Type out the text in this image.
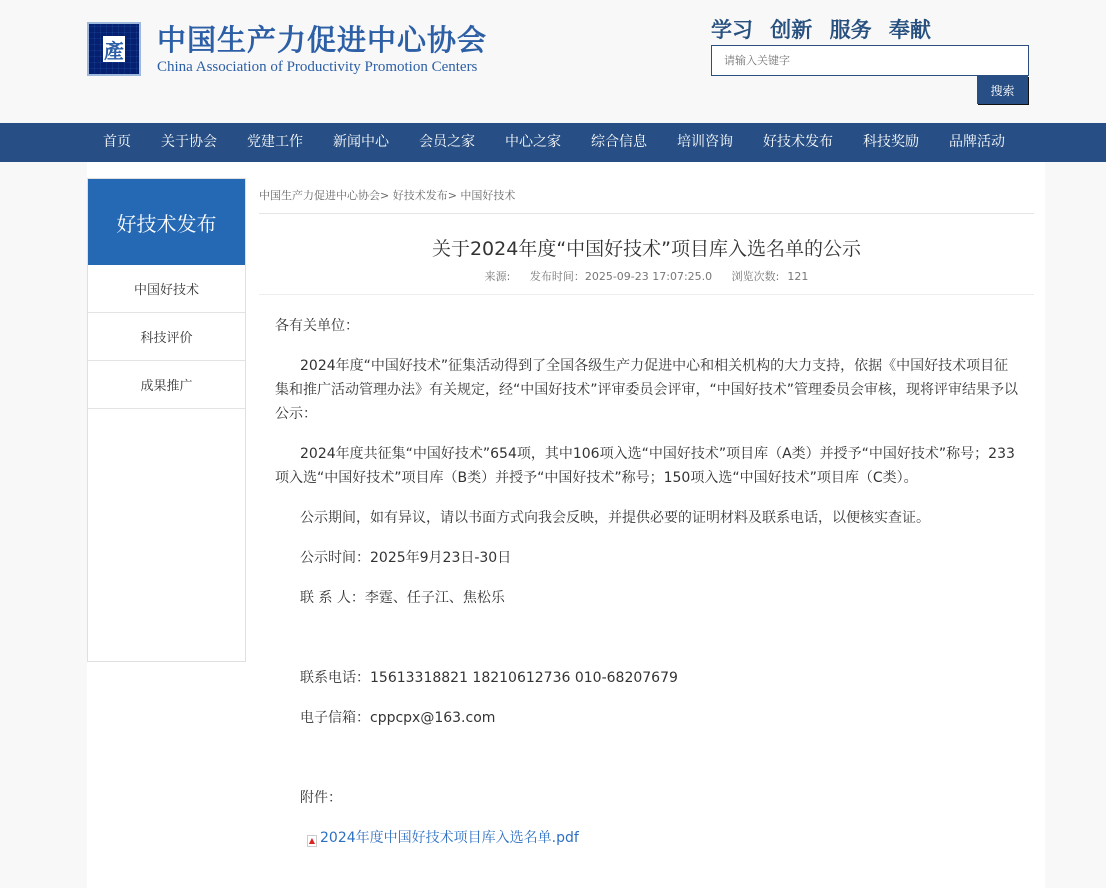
產 中国生产力促进中心协会
China Association of Productivity Promotion Centers
学习 创新 服务 奉献
请输入关键字
搜索
首页	关于协会	党建工作	新闻中心	会员之家	中心之家	综合信息	培训咨询	好技术发布	科技奖励	品牌活动
好技术发布
中国好技术
科技评价
成果推广
中国生产力促进中心协会> 好技术发布> 中国好技术
关于2024年度“中国好技术”项目库入选名单的公示
来源: 发布时间：2025-09-23 17:07:25.0 浏览次数: 121

各有关单位：

2024年度“中国好技术”征集活动得到了全国各级生产力促进中心和相关机构的大力支持，依据《中国好技术项目征集和推广活动管理办法》有关规定，经“中国好技术”评审委员会评审，“中国好技术”管理委员会审核，现将评审结果予以公示：

2024年度共征集“中国好技术”654项，其中106项入选“中国好技术”项目库（A类）并授予“中国好技术”称号；233项入选“中国好技术”项目库（B类）并授予“中国好技术”称号；150项入选“中国好技术”项目库（C类）。

公示期间，如有异议，请以书面方式向我会反映，并提供必要的证明材料及联系电话，以便核实查证。

公示时间：2025年9月23日-30日

联 系 人：李霆、任子江、焦松乐

联系电话：15613318821 18210612736 010-68207679

电子信箱：cppcpx@163.com

附件：

▲ 2024年度中国好技术项目库入选名单.pdf
